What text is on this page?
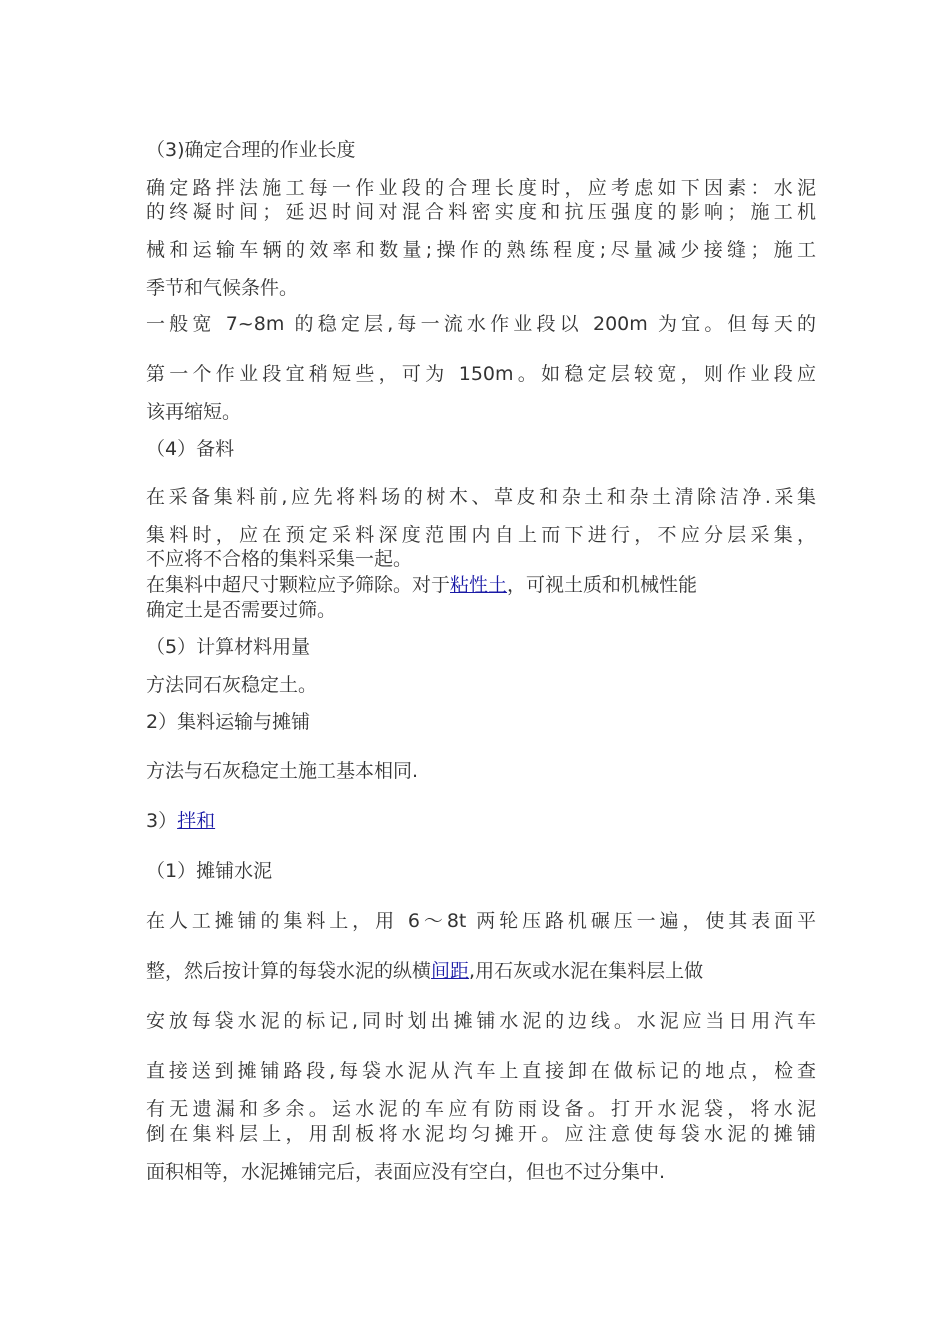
（3)确定合理的作业长度
确定路拌法施工每一作业段的合理长度时，应考虑如下因素：水泥
的终凝时间；延迟时间对混合料密实度和抗压强度的影响；施工机
械和运输车辆的效率和数量;操作的熟练程度;尽量减少接缝；施工
季节和气候条件。
一般宽 7~8m 的稳定层,每一流水作业段以 200m 为宜。但每天的
第一个作业段宜稍短些，可为 150m。如稳定层较宽，则作业段应
该再缩短。
（4）备料
在采备集料前,应先将料场的树木、草皮和杂土和杂土清除洁净.采集
集料时，应在预定采料深度范围内自上而下进行，不应分层采集，
不应将不合格的集料采集一起。
在集料中超尺寸颗粒应予筛除。对于粘性土，可视土质和机械性能
确定土是否需要过筛。
（5）计算材料用量
方法同石灰稳定土。
2）集料运输与摊铺
方法与石灰稳定土施工基本相同.
3）拌和
（1）摊铺水泥
在人工摊铺的集料上，用 6～8t 两轮压路机碾压一遍，使其表面平
整，然后按计算的每袋水泥的纵横间距,用石灰或水泥在集料层上做
安放每袋水泥的标记,同时划出摊铺水泥的边线。水泥应当日用汽车
直接送到摊铺路段,每袋水泥从汽车上直接卸在做标记的地点，检查
有无遗漏和多余。运水泥的车应有防雨设备。打开水泥袋，将水泥
倒在集料层上，用刮板将水泥均匀摊开。应注意使每袋水泥的摊铺
面积相等，水泥摊铺完后，表面应没有空白，但也不过分集中.
